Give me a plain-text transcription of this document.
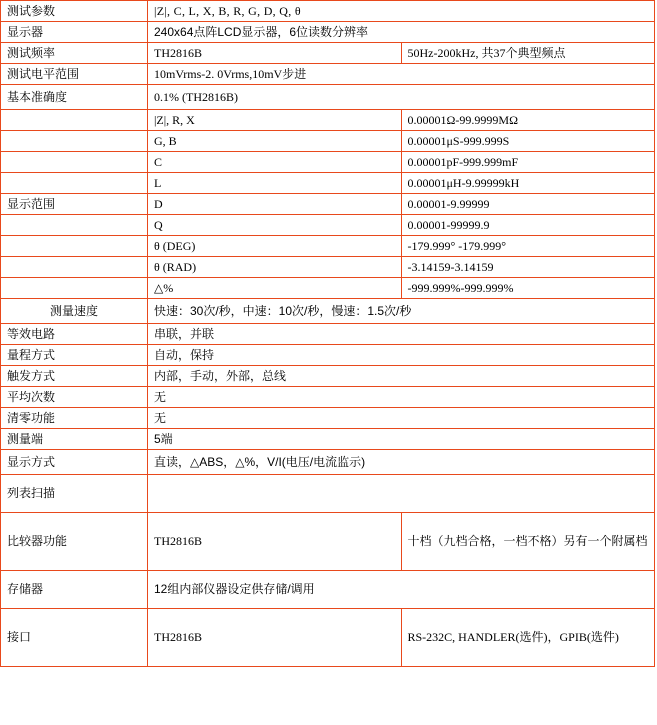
测试参数	|Z|, C, L, X, B, R, G, D, Q, θ	
显示器	240x64点阵LCD显示器，6位读数分辨率	
测试频率	TH2816B	50Hz-200kHz, 共37个典型频点
测试电平范围	10mVrms-2. 0Vrms,10mV步进	
基本准确度	0.1% (TH2816B)	
	|Z|, R, X	0.00001Ω-99.9999MΩ
	G, B	0.00001μS-999.999S
	C	0.00001pF-999.999mF
	L	0.00001μH-9.99999kH
显示范围	D	0.00001-9.99999
	Q	0.00001-99999.9
	θ (DEG)	-179.999° -179.999°
	θ (RAD)	-3.14159-3.14159
	△%	-999.999%-999.999%
测量速度	快速：30次/秒，中速：10次/秒，慢速：1.5次/秒	
等效电路	串联，并联	
量程方式	自动，保持	
触发方式	内部，手动，外部，总线	
平均次数	无	
清零功能	无	
测量端	5端	
显示方式	直读，△ABS，△%，V/I(电压/电流监示)	
列表扫描		
比较器功能	TH2816B	十档（九档合格，一档不格）另有一个附属档
存储器	12组内部仪器设定供存储/调用	
接口	TH2816B	RS-232C, HANDLER(选件)，GPIB(选件)
